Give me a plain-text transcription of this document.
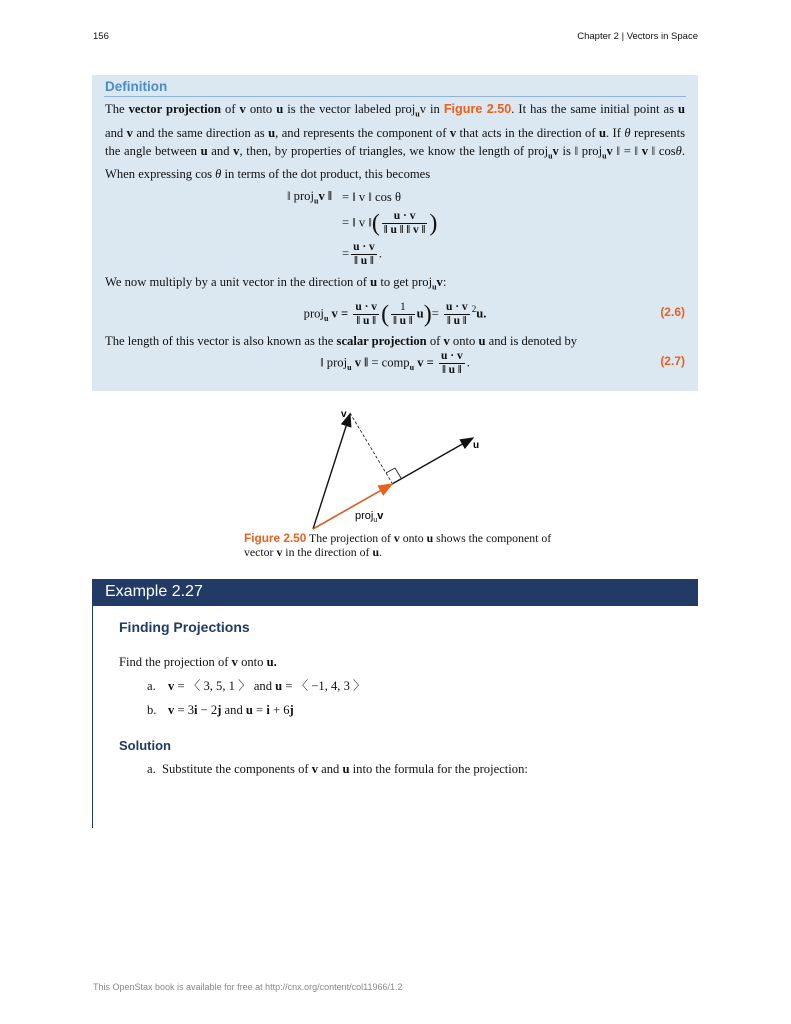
156	Chapter 2 | Vectors in Space
Definition
The vector projection of v onto u is the vector labeled proj$_u$v in Figure 2.50. It has the same initial point as u and v and the same direction as u, and represents the component of v that acts in the direction of u. If θ represents the angle between u and v, then, by properties of triangles, we know the length of proj$_u$v is ‖ proj$_u$v ‖ = ‖ v ‖ cosθ. When expressing cos θ in terms of the dot product, this becomes
‖ proj$_u$v ‖	= ‖ v ‖ cos θ
	= ‖ v ‖( $\frac{u \cdot v}{‖ u ‖ ‖ v ‖}$ )
	= $\frac{u \cdot v}{‖ u ‖}$ .
We now multiply by a unit vector in the direction of u to get proj$_u$v:
proj$_u$ $v = \frac{u \cdot v}{‖ u ‖}$ ( $\frac{1}{‖ u ‖} u)= \frac{u \cdot v}{‖ u ‖} ^2u$.	(2.6)
The length of this vector is also known as the scalar projection of v onto u and is denoted by
‖ proj$_u$ v ‖ = comp$_u$ $v = \frac{u \cdot v}{‖ u ‖}$ .	(2.7)
v
u
proj$_u$v
Figure 2.50 The projection of v onto u shows the component of vector v in the direction of u.
Example 2.27
Finding Projections
Find the projection of v onto u.
a. v = 〈 3, 5, 1 〉 and u = 〈 −1, 4, 3 〉
b. v = 3i − 2j and u = i + 6j
Solution
a. Substitute the components of v and u into the formula for the projection:
This OpenStax book is available for free at http://cnx.org/content/col11966/1.2
